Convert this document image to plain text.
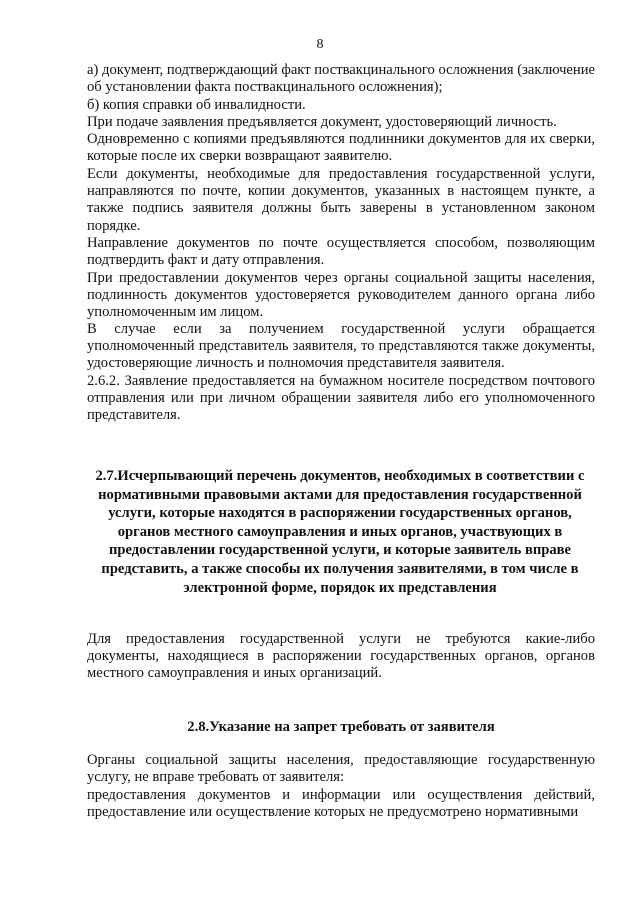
8
а) документ, подтверждающий факт поствакцинального осложнения (заключение об установлении факта поствакцинального осложнения);
б) копия справки об инвалидности.
При подаче заявления предъявляется документ, удостоверяющий личность.
Одновременно с копиями предъявляются подлинники документов для их сверки, которые после их сверки возвращают заявителю.
Если документы, необходимые для предоставления государственной услуги, направляются по почте, копии документов, указанных в настоящем пункте, а также подпись заявителя должны быть заверены в установленном законом порядке.
Направление документов по почте осуществляется способом, позволяющим подтвердить факт и дату отправления.
При предоставлении документов через органы социальной защиты населения, подлинность документов удостоверяется руководителем данного органа либо уполномоченным им лицом.
В случае если за получением государственной услуги обращается уполномоченный представитель заявителя, то представляются также документы, удостоверяющие личность и полномочия представителя заявителя.
2.6.2. Заявление предоставляется на бумажном носителе посредством почтового отправления или при личном обращении заявителя либо его уполномоченного представителя.
2.7.Исчерпывающий перечень документов, необходимых в соответствии с нормативными правовыми актами для предоставления государственной услуги, которые находятся в распоряжении государственных органов, органов местного самоуправления и иных органов, участвующих в предоставлении государственной услуги, и которые заявитель вправе представить, а также способы их получения заявителями, в том числе в электронной форме, порядок их представления
Для предоставления государственной услуги не требуются какие-либо документы, находящиеся в распоряжении государственных органов, органов местного самоуправления и иных организаций.
2.8.Указание на запрет требовать от заявителя
Органы социальной защиты населения, предоставляющие государственную услугу, не вправе требовать от заявителя:
предоставления документов и информации или осуществления действий, предоставление или осуществление которых не предусмотрено нормативными
